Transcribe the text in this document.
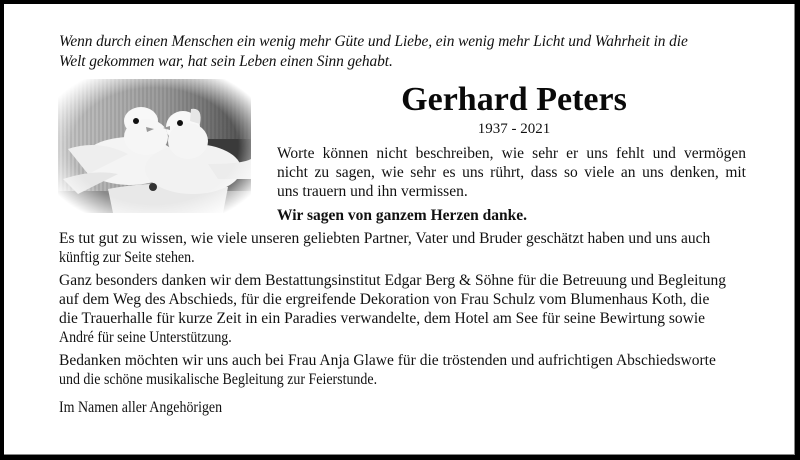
Wenn durch einen Menschen ein wenig mehr Güte und Liebe, ein wenig mehr Licht und Wahrheit in die
Welt gekommen war, hat sein Leben einen Sinn gehabt.
Gerhard Peters
1937 - 2021
Worte können nicht beschreiben, wie sehr er uns fehlt und vermögen
nicht zu sagen, wie sehr es uns rührt, dass so viele an uns denken, mit
uns trauern und ihn vermissen.
Wir sagen von ganzem Herzen danke.
Es tut gut zu wissen, wie viele unseren geliebten Partner, Vater und Bruder geschätzt haben und uns auch
künftig zur Seite stehen.
Ganz besonders danken wir dem Bestattungsinstitut Edgar Berg & Söhne für die Betreuung und Begleitung
auf dem Weg des Abschieds, für die ergreifende Dekoration von Frau Schulz vom Blumenhaus Koth, die
die Trauerhalle für kurze Zeit in ein Paradies verwandelte, dem Hotel am See für seine Bewirtung sowie
André für seine Unterstützung.
Bedanken möchten wir uns auch bei Frau Anja Glawe für die tröstenden und aufrichtigen Abschiedsworte
und die schöne musikalische Begleitung zur Feierstunde.
Im Namen aller Angehörigen
